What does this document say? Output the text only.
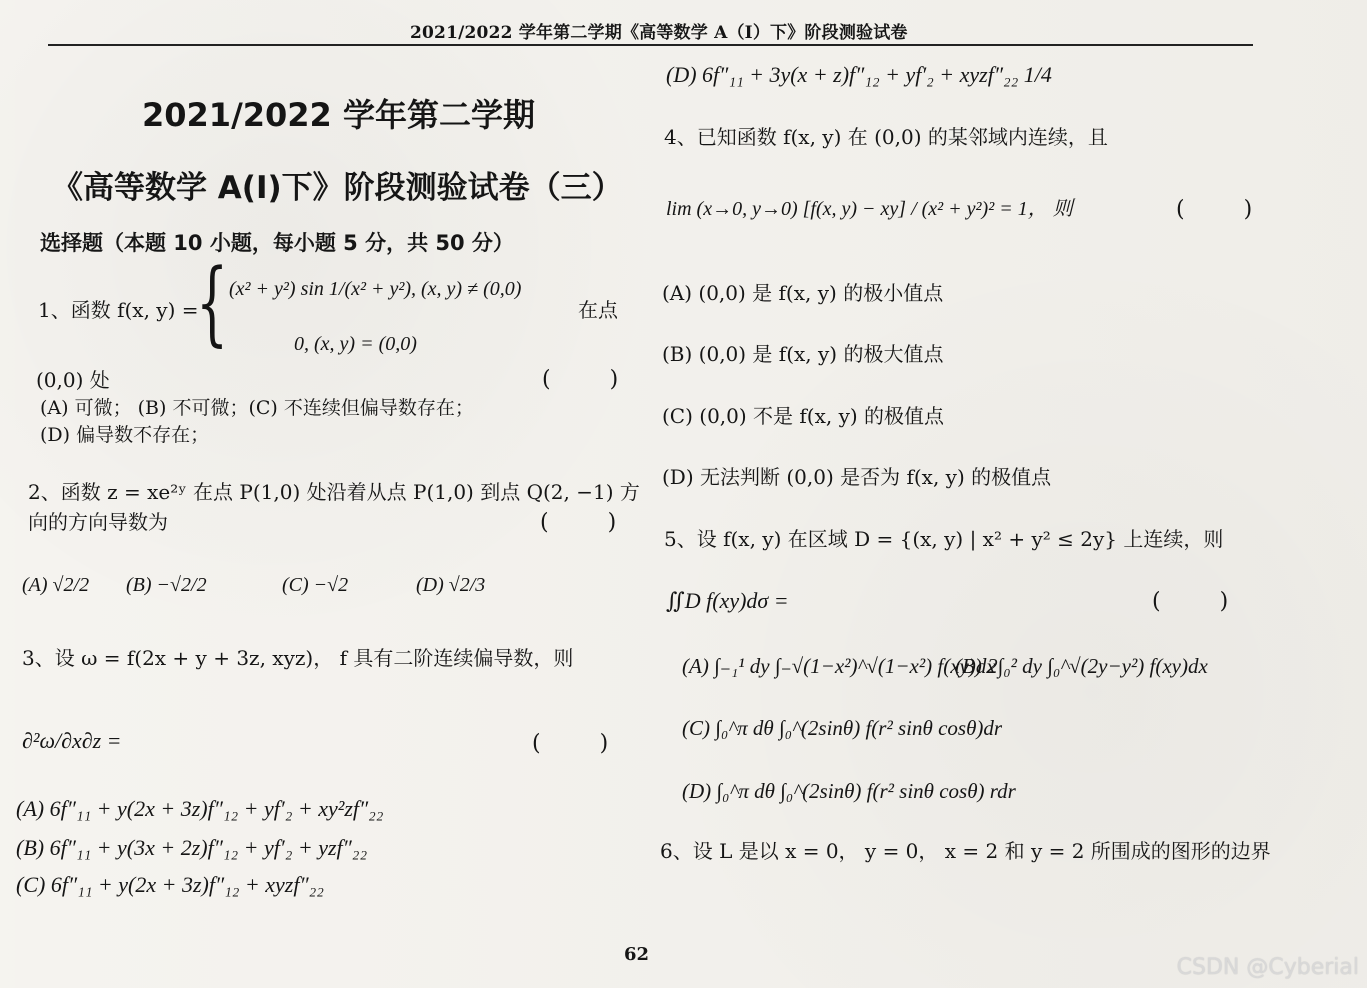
2021/2022 学年第二学期《高等数学 A（I）下》阶段测验试卷
2021/2022 学年第二学期
《高等数学 A(I)下》阶段测验试卷（三）
选择题（本题 10 小题，每小题 5 分，共 50 分）
1、函数 f(x, y) =
{ (x² + y²) sin 1/(x² + y²), (x, y) ≠ (0,0)
0, (x, y) = (0,0)
在点
(0,0) 处	( )
(A) 可微； (B) 不可微；(C) 不连续但偏导数存在；
(D) 偏导数不存在；
2、函数 z = xe²ʸ 在点 P(1,0) 处沿着从点 P(1,0) 到点 Q(2, −1) 方
向的方向导数为	( )
(A) √2/2 (B) −√2/2	(C) −√2	(D) √2/3
3、设 ω = f(2x + y + 3z, xyz)， f 具有二阶连续偏导数，则
∂²ω/∂x∂z =	( )
(A) 6f″₁₁ + y(2x + 3z)f″₁₂ + yf′₂ + xy²zf″₂₂
(B) 6f″₁₁ + y(3x + 2z)f″₁₂ + yf′₂ + yzf″₂₂
(C) 6f″₁₁ + y(2x + 3z)f″₁₂ + xyzf″₂₂
(D) 6f″₁₁ + 3y(x + z)f″₁₂ + yf′₂ + xyzf″₂₂ 1/4
4、已知函数 f(x, y) 在 (0,0) 的某邻域内连续，且
lim (x→0, y→0) [f(x, y) − xy] / (x² + y²)² = 1， 则	( )
(A) (0,0) 是 f(x, y) 的极小值点
(B) (0,0) 是 f(x, y) 的极大值点
(C) (0,0) 不是 f(x, y) 的极值点
(D) 无法判断 (0,0) 是否为 f(x, y) 的极值点
5、设 f(x, y) 在区域 D = {(x, y) | x² + y² ≤ 2y} 上连续，则
∬D f(xy)dσ =	( )
(A) ∫₋₁¹ dy ∫₋√(1−x²)^√(1−x²) f(xy)dx
(B) 2∫₀² dy ∫₀^√(2y−y²) f(xy)dx
(C) ∫₀^π dθ ∫₀^(2sinθ) f(r² sinθ cosθ)dr
(D) ∫₀^π dθ ∫₀^(2sinθ) f(r² sinθ cosθ) rdr
6、设 L 是以 x = 0， y = 0， x = 2 和 y = 2 所围成的图形的边界
62
CSDN @Cyberial
